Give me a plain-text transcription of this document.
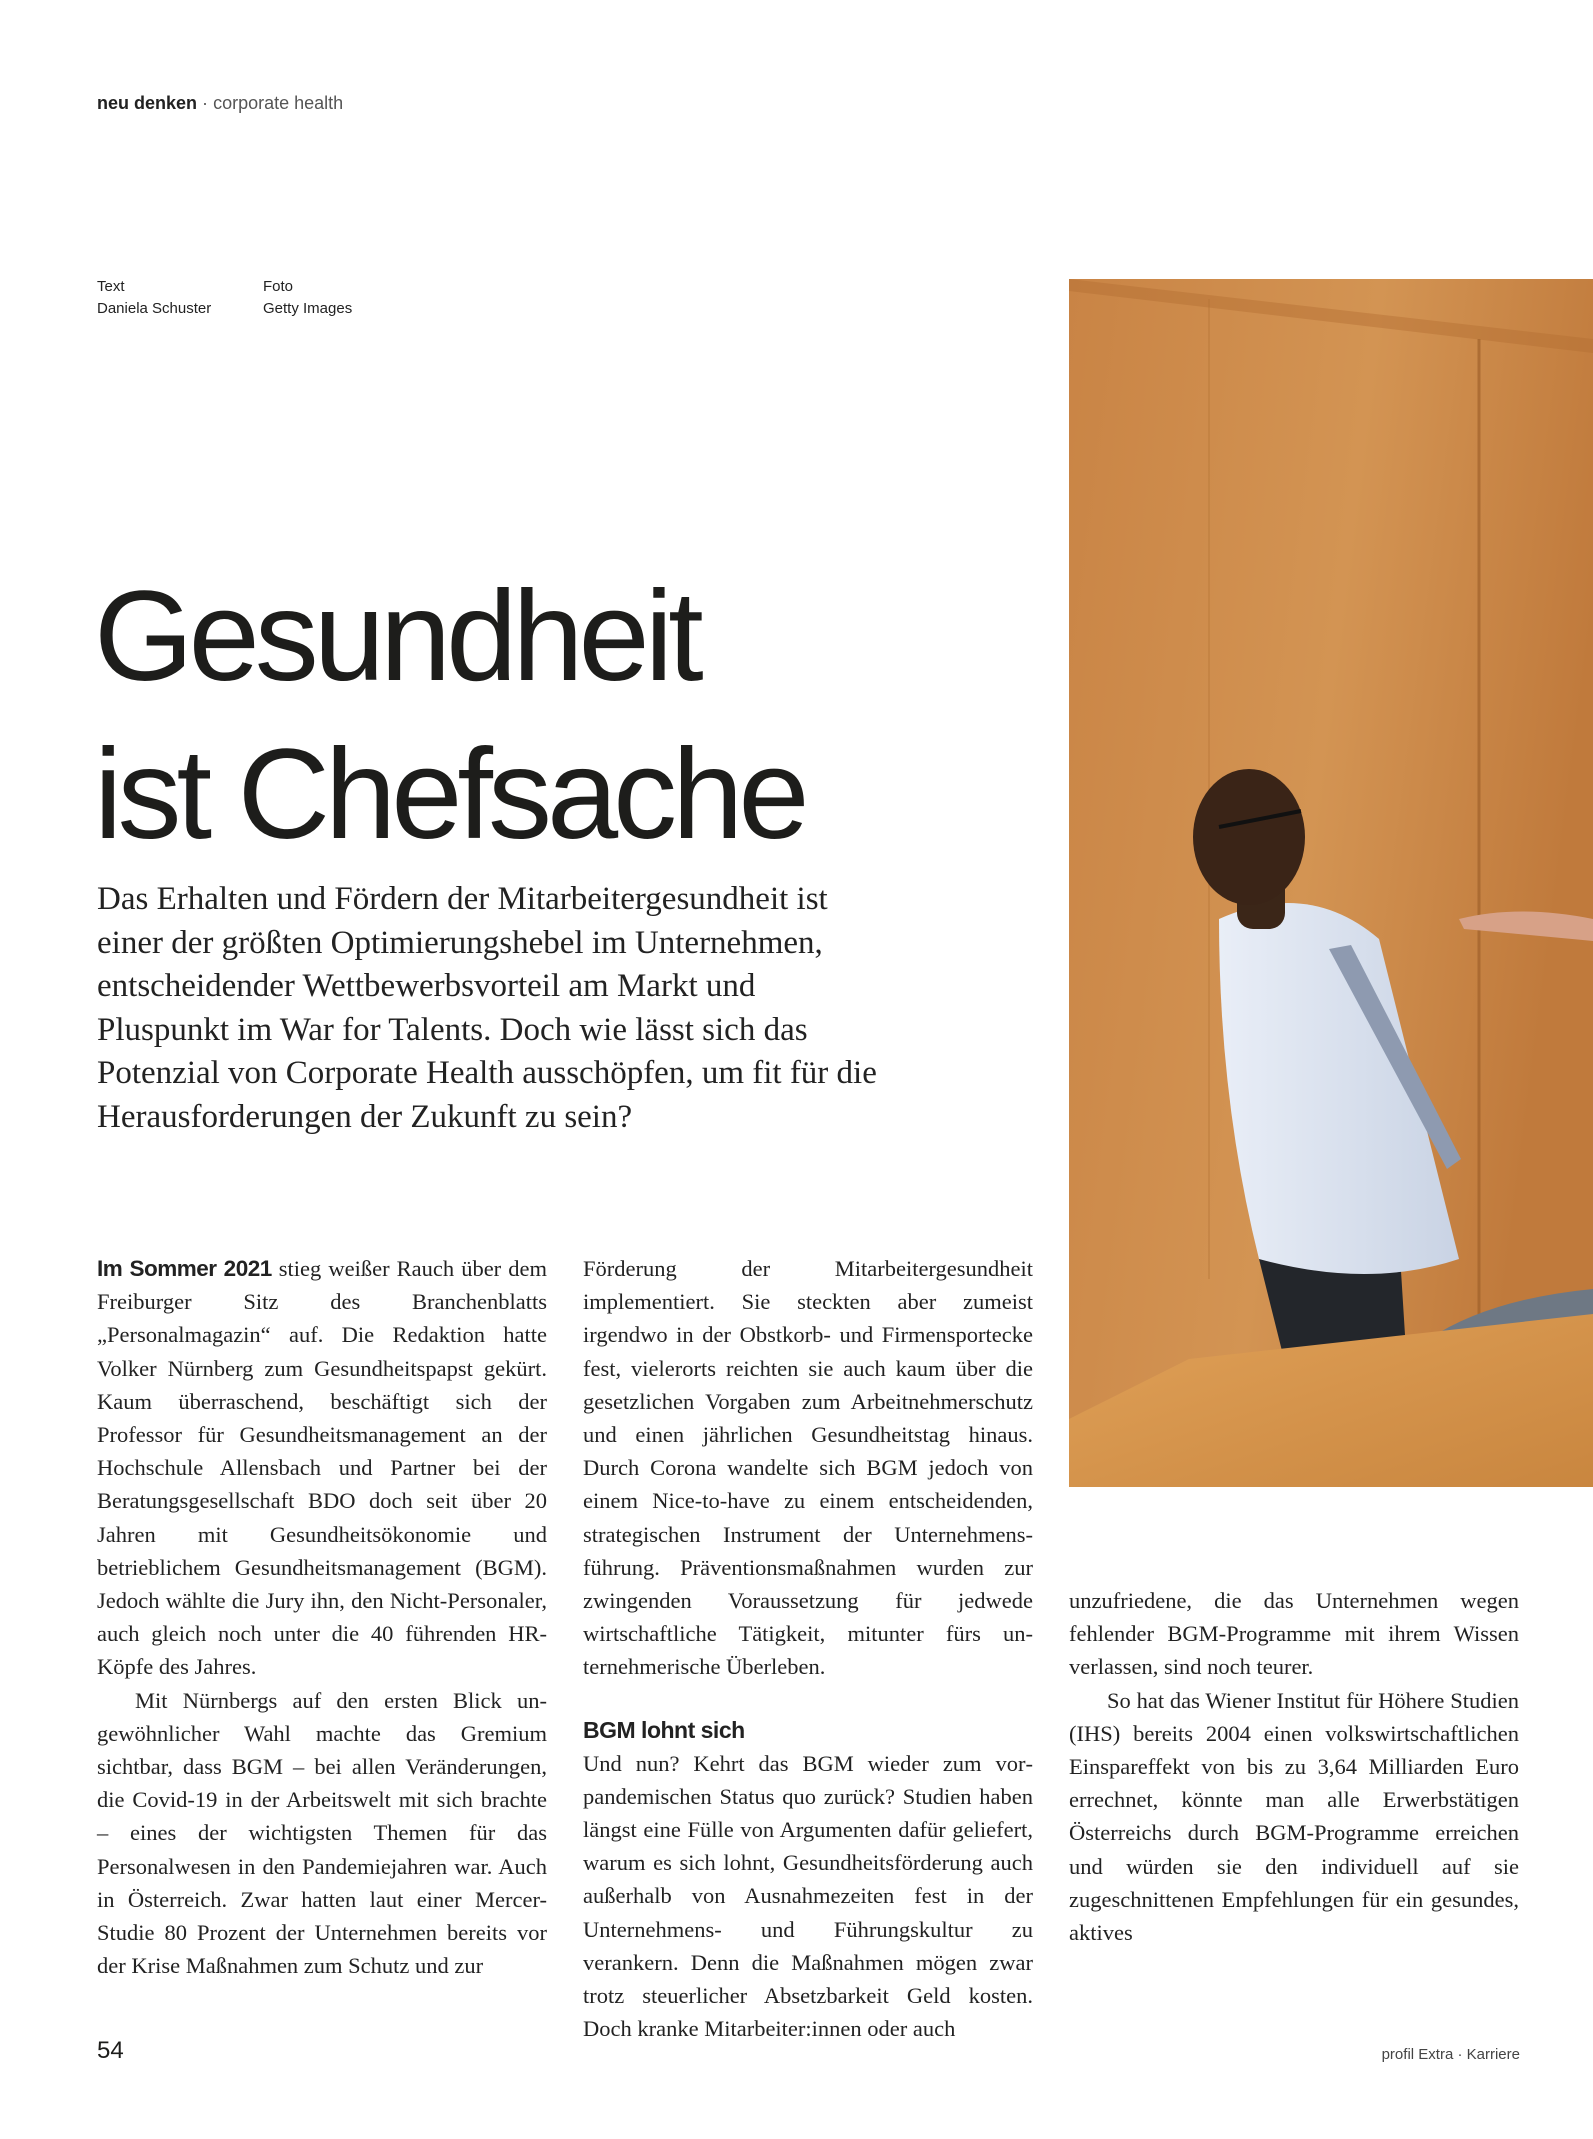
neu denken · corporate health
Text
Daniela Schuster
Foto
Getty Images
Gesundheit
ist Chefsache

Das Erhalten und Fördern der Mitarbeitergesundheit ist einer der größten Optimierungshebel im Unternehmen, entscheidender Wettbewerbsvorteil am Markt und Pluspunkt im War for Talents. Doch wie lässt sich das Potenzial von Corporate Health ausschöpfen, um fit für die Herausforderungen der Zukunft zu sein?

Im Sommer 2021 stieg weißer Rauch über dem Freiburger Sitz des Branchenblatts „Personalmagazin“ auf. Die Redaktion hatte Volker Nürnberg zum Gesundheitspapst gekürt. Kaum überraschend, beschäftigt sich der Professor für Gesundheitsmanagement an der Hochschule Allensbach und Partner bei der Beratungsgesellschaft BDO doch seit über 20 Jahren mit Gesundheitsökonomie und betrieblichem Gesundheitsmanagement (BGM). Jedoch wählte die Jury ihn, den Nicht-Personaler, auch gleich noch unter die 40 führenden HR-Köpfe des Jahres.

Mit Nürnbergs auf den ersten Blick ungewöhnlicher Wahl machte das Gremium sichtbar, dass BGM – bei allen Veränderungen, die Covid-19 in der Arbeitswelt mit sich brachte – eines der wichtigsten Themen für das Personalwesen in den Pandemiejahren war. Auch in Österreich. Zwar hatten laut einer Mercer-Studie 80 Prozent der Unternehmen bereits vor der Krise Maßnahmen zum Schutz und zur

Förderung der Mitarbeitergesundheit implementiert. Sie steckten aber zumeist irgendwo in der Obstkorb- und Firmensportecke fest, vielerorts reichten sie auch kaum über die gesetzlichen Vorgaben zum Arbeitnehmerschutz und einen jährlichen Gesundheitstag hinaus. Durch Corona wandelte sich BGM jedoch von einem Nice-to-have zu einem entscheidenden, strategischen Instrument der Unternehmensführung. Präventionsmaßnahmen wurden zur zwingenden Voraussetzung für jedwede wirtschaftliche Tätigkeit, mitunter fürs unternehmerische Überleben.

BGM lohnt sich

Und nun? Kehrt das BGM wieder zum vorpandemischen Status quo zurück? Studien haben längst eine Fülle von Argumenten dafür geliefert, warum es sich lohnt, Gesundheitsförderung auch außerhalb von Ausnahmezeiten fest in der Unternehmens- und Führungskultur zu verankern. Denn die Maßnahmen mögen zwar trotz steuerlicher Absetzbarkeit Geld kosten. Doch kranke Mitarbeiter:innen oder auch

unzufriedene, die das Unternehmen wegen fehlender BGM-Programme mit ihrem Wissen verlassen, sind noch teurer.

So hat das Wiener Institut für Höhere Studien (IHS) bereits 2004 einen volkswirtschaftlichen Einspareffekt von bis zu 3,64 Milliarden Euro errechnet, könnte man alle Erwerbstätigen Österreichs durch BGM-Programme erreichen und würden sie den individuell auf sie zugeschnittenen Empfehlungen für ein gesundes, aktives

54	profil Extra · Karriere
